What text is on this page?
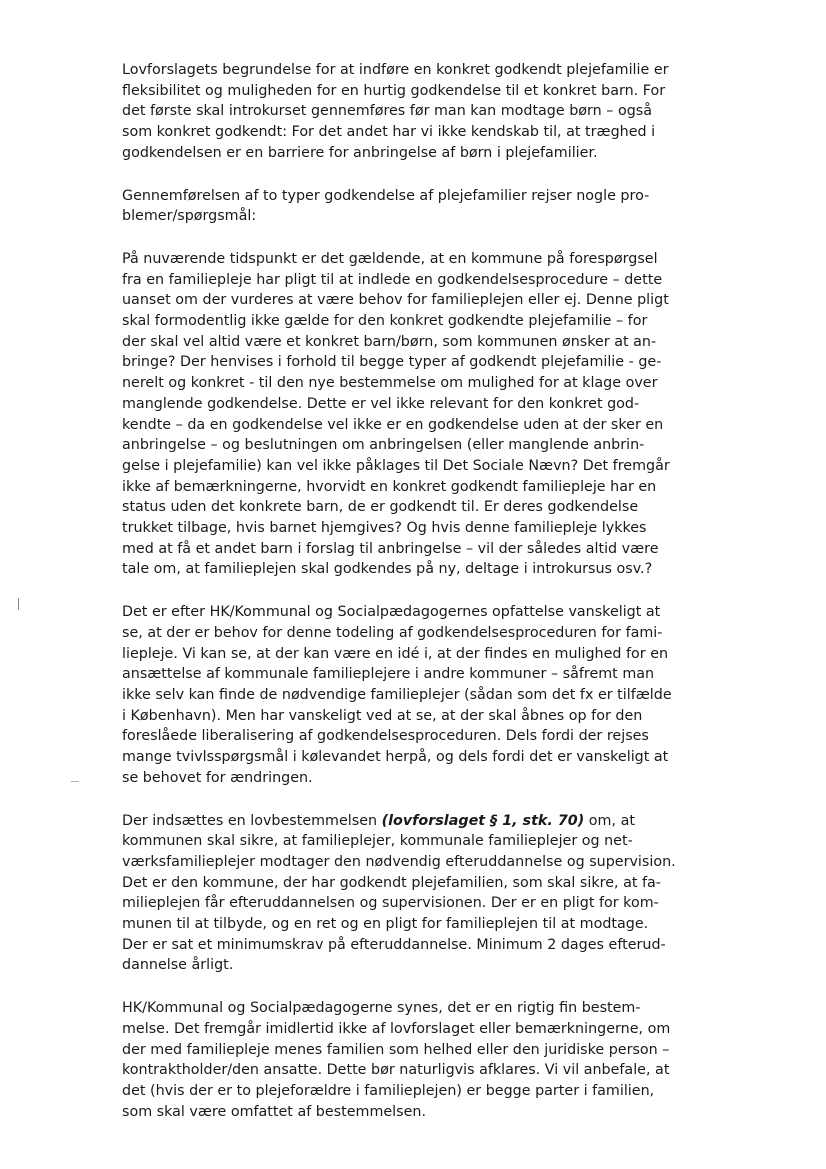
Lovforslagets begrundelse for at indføre en konkret godkendt plejefamilie er
fleksibilitet og muligheden for en hurtig godkendelse til et konkret barn. For
det første skal introkurset gennemføres før man kan modtage børn – også
som konkret godkendt: For det andet har vi ikke kendskab til, at træghed i
godkendelsen er en barriere for anbringelse af børn i plejefamilier.

Gennemførelsen af to typer godkendelse af plejefamilier rejser nogle pro-
blemer/spørgsmål:

På nuværende tidspunkt er det gældende, at en kommune på forespørgsel
fra en familiepleje har pligt til at indlede en godkendelsesprocedure – dette
uanset om der vurderes at være behov for familieplejen eller ej. Denne pligt
skal formodentlig ikke gælde for den konkret godkendte plejefamilie – for
der skal vel altid være et konkret barn/børn, som kommunen ønsker at an-
bringe? Der henvises i forhold til begge typer af godkendt plejefamilie - ge-
nerelt og konkret - til den nye bestemmelse om mulighed for at klage over
manglende godkendelse. Dette er vel ikke relevant for den konkret god-
kendte – da en godkendelse vel ikke er en godkendelse uden at der sker en
anbringelse – og beslutningen om anbringelsen (eller manglende anbrin-
gelse i plejefamilie) kan vel ikke påklages til Det Sociale Nævn? Det fremgår
ikke af bemærkningerne, hvorvidt en konkret godkendt familiepleje har en
status uden det konkrete barn, de er godkendt til. Er deres godkendelse
trukket tilbage, hvis barnet hjemgives? Og hvis denne familiepleje lykkes
med at få et andet barn i forslag til anbringelse – vil der således altid være
tale om, at familieplejen skal godkendes på ny, deltage i introkursus osv.?

Det er efter HK/Kommunal og Socialpædagogernes opfattelse vanskeligt at
se, at der er behov for denne todeling af godkendelsesproceduren for fami-
liepleje. Vi kan se, at der kan være en idé i, at der findes en mulighed for en
ansættelse af kommunale familieplejere i andre kommuner – såfremt man
ikke selv kan finde de nødvendige familieplejer (sådan som det fx er tilfælde
i København). Men har vanskeligt ved at se, at der skal åbnes op for den
foreslåede liberalisering af godkendelsesproceduren. Dels fordi der rejses
mange tvivlsspørgsmål i kølevandet herpå, og dels fordi det er vanskeligt at
se behovet for ændringen.

Der indsættes en lovbestemmelsen (lovforslaget § 1, stk. 70) om, at
kommunen skal sikre, at familieplejer, kommunale familieplejer og net-
værksfamilieplejer modtager den nødvendig efteruddannelse og supervision.
Det er den kommune, der har godkendt plejefamilien, som skal sikre, at fa-
milieplejen får efteruddannelsen og supervisionen. Der er en pligt for kom-
munen til at tilbyde, og en ret og en pligt for familieplejen til at modtage.
Der er sat et minimumskrav på efteruddannelse. Minimum 2 dages efterud-
dannelse årligt.

HK/Kommunal og Socialpædagogerne synes, det er en rigtig fin bestem-
melse. Det fremgår imidlertid ikke af lovforslaget eller bemærkningerne, om
der med familiepleje menes familien som helhed eller den juridiske person –
kontraktholder/den ansatte. Dette bør naturligvis afklares. Vi vil anbefale, at
det (hvis der er to plejeforældre i familieplejen) er begge parter i familien,
som skal være omfattet af bestemmelsen.
